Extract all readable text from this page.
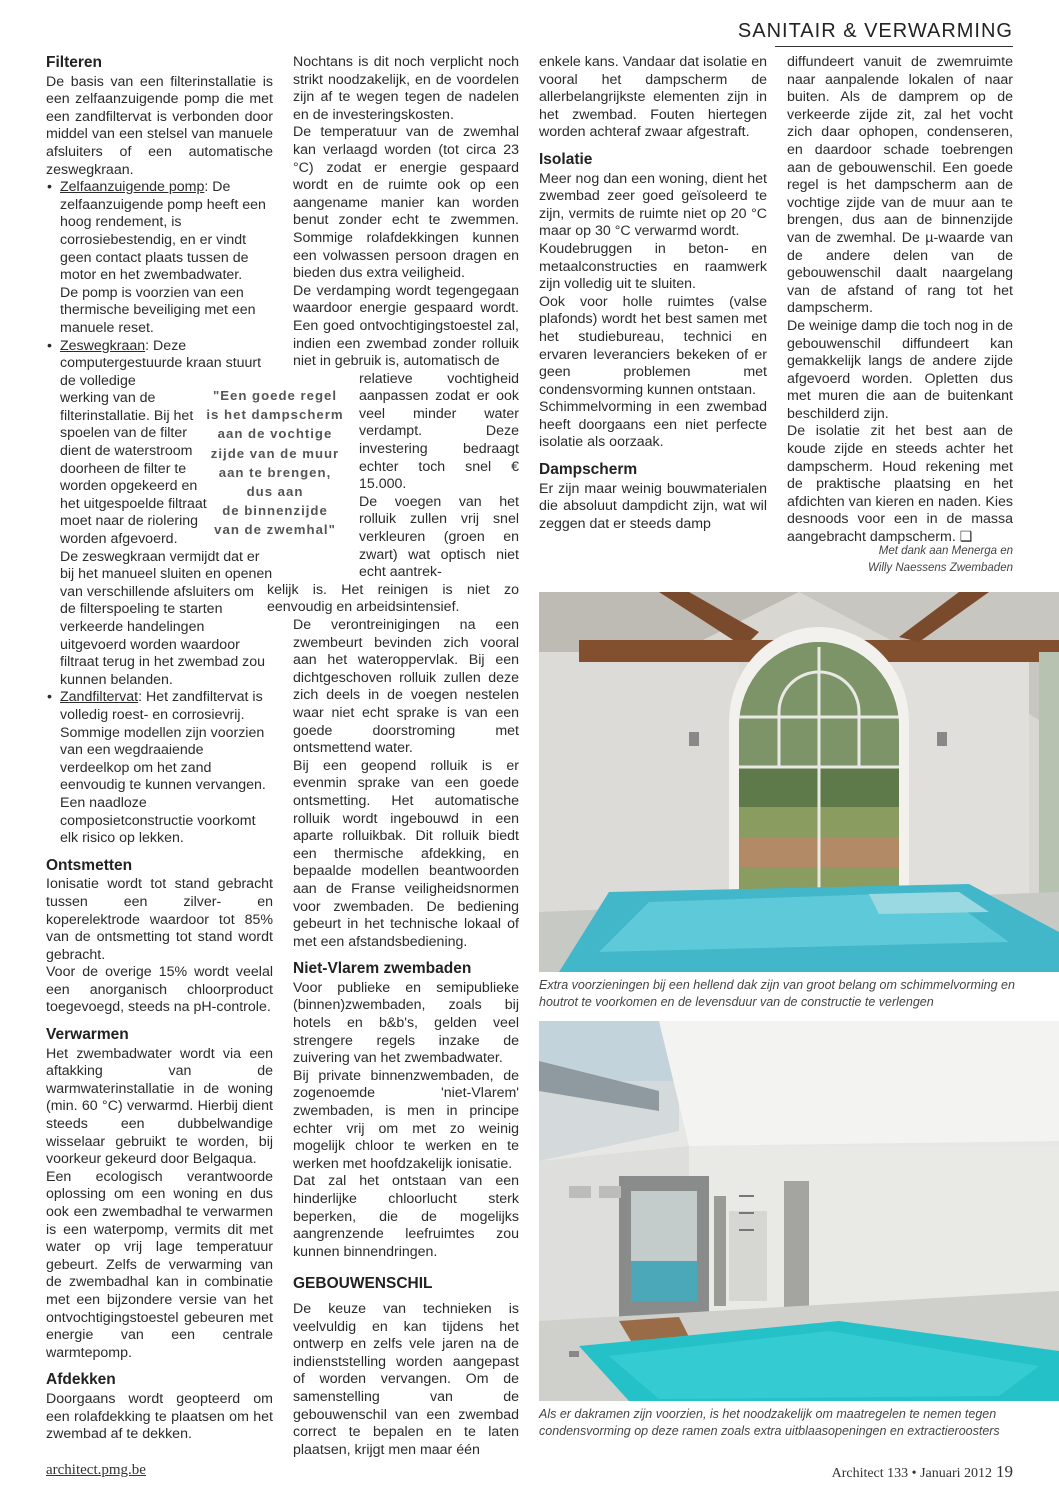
SANITAIR & VERWARMING
Filteren

De basis van een filterinstallatie is een zelfaanzuigende pomp die met een zandfiltervat is verbonden door middel van een stelsel van manuele afsluiters of een automatische zeswegkraan.

• Zelfaanzuigende pomp: De zelfaanzuigende pomp heeft een hoog rendement, is corrosiebestendig, en er vindt geen contact plaats tussen de motor en het zwembadwater.
De pomp is voorzien van een thermische beveiliging met een manuele reset.
• Zeswegkraan: Deze computergestuurde kraan stuurt de volledige
werking van de filterinstallatie. Bij het spoelen van de filter dient de waterstroom doorheen de filter te worden opgekeerd en het uitgespoelde filtraat moet naar de riolering worden afgevoerd.
De zeswegkraan vermijdt dat er bij het manueel sluiten en openen van verschillende afsluiters om de filterspoeling te starten verkeerde handelingen uitgevoerd worden waardoor filtraat terug in het zwembad zou kunnen belanden.
• Zandfiltervat: Het zandfiltervat is volledig roest- en corrosievrij. Sommige modellen zijn voorzien van een wegdraaiende verdeelkop om het zand eenvoudig te kunnen vervangen. Een naadloze composietconstructie voorkomt elk risico op lekken.
Ontsmetten

Ionisatie wordt tot stand gebracht tussen een zilver- en koperelektrode waardoor tot 85% van de ontsmetting tot stand wordt gebracht.

Voor de overige 15% wordt veelal een anorganisch chloorproduct toegevoegd, steeds na pH-controle.

Verwarmen

Het zwembadwater wordt via een aftakking van de warmwaterinstallatie in de woning (min. 60 °C) verwarmd. Hierbij dient steeds een dubbelwandige wisselaar gebruikt te worden, bij voorkeur gekeurd door Belgaqua.

Een ecologisch verantwoorde oplossing om een woning en dus ook een zwembadhal te verwarmen is een waterpomp, vermits dit met water op vrij lage temperatuur gebeurt. Zelfs de verwarming van de zwembadhal kan in combinatie met een bijzondere versie van het ontvochtigingstoestel gebeuren met energie van een centrale warmtepomp.

Afdekken

Doorgaans wordt geopteerd om een rolafdekking te plaatsen om het zwembad af te dekken.

"Een goede regel
is het dampscherm
aan de vochtige
zijde van de muur
aan te brengen,
dus aan
de binnenzijde
van de zwemhal"

Nochtans is dit noch verplicht noch strikt noodzakelijk, en de voordelen zijn af te wegen tegen de nadelen en de investeringskosten.

De temperatuur van de zwemhal kan verlaagd worden (tot circa 23 °C) zodat er energie gespaard wordt en de ruimte ook op een aangename manier kan worden benut zonder echt te zwemmen. Sommige rolafdekkingen kunnen een volwassen persoon dragen en bieden dus extra veiligheid.

De verdamping wordt tegengegaan waardoor energie gespaard wordt. Een goed ontvochtigingstoestel zal, indien een zwembad zonder rolluik niet in gebruik is, automatisch de

relatieve vochtigheid aanpassen zodat er ook veel minder water verdampt. Deze investering bedraagt echter toch snel € 15.000.

De voegen van het rolluik zullen vrij snel verkleuren (groen en zwart) wat optisch niet echt aantrek-

kelijk is. Het reinigen is niet zo eenvoudig en arbeidsintensief.

De verontreinigingen na een zwembeurt bevinden zich vooral aan het wateroppervlak. Bij een dichtgeschoven rolluik zullen deze zich deels in de voegen nestelen waar niet echt sprake is van een goede doorstroming met ontsmettend water.

Bij een geopend rolluik is er evenmin sprake van een goede ontsmetting. Het automatische rolluik wordt ingebouwd in een aparte rolluikbak. Dit rolluik biedt een thermische afdekking, en bepaalde modellen beantwoorden aan de Franse veiligheidsnormen voor zwembaden. De bediening gebeurt in het technische lokaal of met een afstandsbediening.

Niet-Vlarem zwembaden

Voor publieke en semipublieke (binnen)zwembaden, zoals bij hotels en b&b's, gelden veel strengere regels inzake de zuivering van het zwembadwater.

Bij private binnenzwembaden, de zogenoemde 'niet-Vlarem' zwembaden, is men in principe echter vrij om met zo weinig mogelijk chloor te werken en te werken met hoofdzakelijk ionisatie.

Dat zal het ontstaan van een hinderlijke chloorlucht sterk beperken, die de mogelijks aangrenzende leefruimtes zou kunnen binnendringen.

GEBOUWENSCHIL

De keuze van technieken is veelvuldig en kan tijdens het ontwerp en zelfs vele jaren na de indienststelling worden aangepast of worden vervangen. Om de samenstelling van de gebouwenschil van een zwembad correct te bepalen en te laten plaatsen, krijgt men maar één

enkele kans. Vandaar dat isolatie en vooral het dampscherm de allerbelangrijkste elementen zijn in het zwembad. Fouten hiertegen worden achteraf zwaar afgestraft.

Isolatie

Meer nog dan een woning, dient het zwembad zeer goed geïsoleerd te zijn, vermits de ruimte niet op 20 °C maar op 30 °C verwarmd wordt.

Koudebruggen in beton- en metaalconstructies en raamwerk zijn volledig uit te sluiten.

Ook voor holle ruimtes (valse plafonds) wordt het best samen met het studiebureau, technici en ervaren leveranciers bekeken of er geen problemen met condensvorming kunnen ontstaan.

Schimmelvorming in een zwembad heeft doorgaans een niet perfecte isolatie als oorzaak.

Dampscherm

Er zijn maar weinig bouwmaterialen die absoluut dampdicht zijn, wat wil zeggen dat er steeds damp

diffundeert vanuit de zwemruimte naar aanpalende lokalen of naar buiten. Als de damprem op de verkeerde zijde zit, zal het vocht zich daar ophopen, condenseren, en daardoor schade toebrengen aan de gebouwenschil. Een goede regel is het dampscherm aan de vochtige zijde van de muur aan te brengen, dus aan de binnenzijde van de zwemhal. De µ-waarde van de andere delen van de gebouwenschil daalt naargelang van de afstand of rang tot het dampscherm.

De weinige damp die toch nog in de gebouwenschil diffundeert kan gemakkelijk langs de andere zijde afgevoerd worden. Opletten dus met muren die aan de buitenkant beschilderd zijn.

De isolatie zit het best aan de koude zijde en steeds achter het dampscherm. Houd rekening met de praktische plaatsing en het afdichten van kieren en naden. Kies desnoods voor een in de massa aangebracht dampscherm. ❑

Met dank aan Menerga en
Willy Naessens Zwembaden
Extra voorzieningen bij een hellend dak zijn van groot belang om schimmelvorming en houtrot te voorkomen en de levensduur van de constructie te verlengen
Als er dakramen zijn voorzien, is het noodzakelijk om maatregelen te nemen tegen condensvorming op deze ramen zoals extra uitblaasopeningen en extractieroosters
architect.pmg.be	Architect 133 • Januari 2012 19
